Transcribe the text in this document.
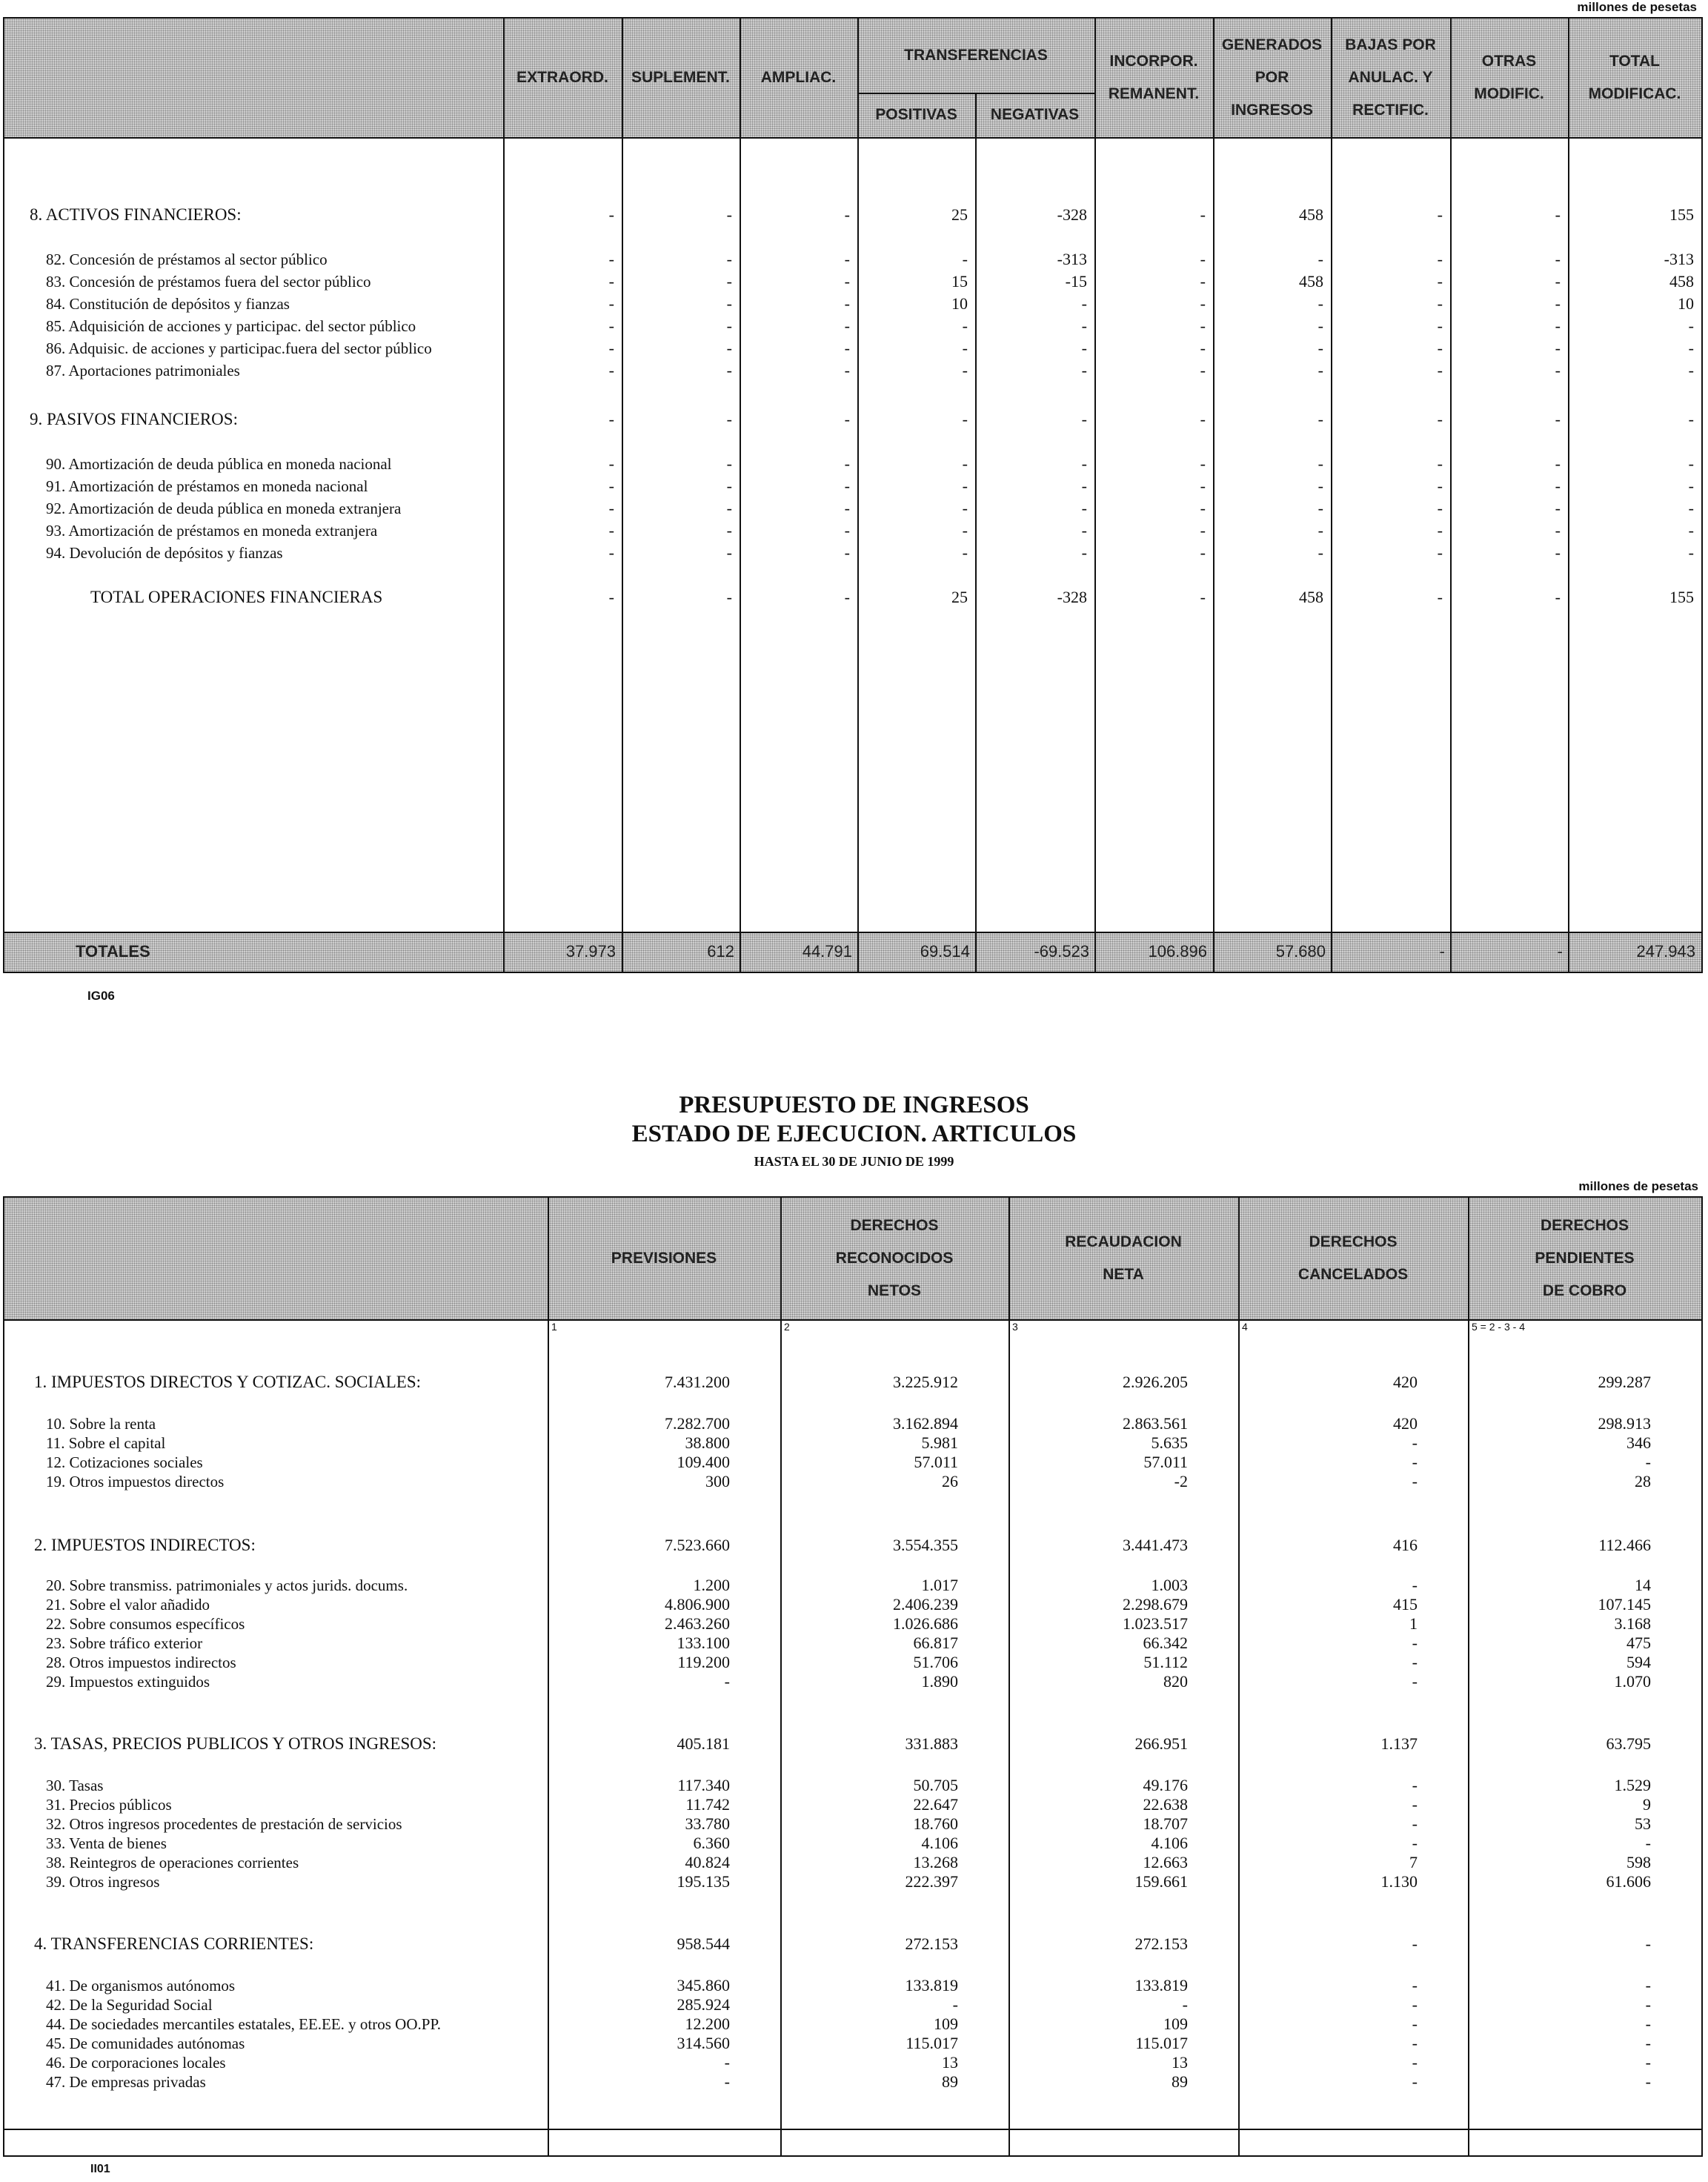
millones de pesetas
EXTRAORD. SUPLEMENT. AMPLIAC.
TRANSFERENCIAS
POSITIVAS NEGATIVAS
INCORPOR.
REMANENT.
GENERADOS
POR
INGRESOS
BAJAS POR
ANULAC. Y
RECTIFIC.
OTRAS
MODIFIC.
TOTAL
MODIFICAC.
8. ACTIVOS FINANCIEROS:	-	-	-	25	-328	-	458	-	-	155
82. Concesión de préstamos al sector público	-	-	-	-	-313	-	-	-	-	-313
83. Concesión de préstamos fuera del sector público	-	-	-	15	-15	-	458	-	-	458
84. Constitución de depósitos y fianzas	-	-	-	10	-	-	-	-	-	10
85. Adquisición de acciones y participac. del sector público	-	-	-	-	-	-	-	-	-	-
86. Adquisic. de acciones y participac.fuera del sector público	-	-	-	-	-	-	-	-	-	-
87. Aportaciones patrimoniales	-	-	-	-	-	-	-	-	-	-
9. PASIVOS FINANCIEROS:	-	-	-	-	-	-	-	-	-	-
90. Amortización de deuda pública en moneda nacional	-	-	-	-	-	-	-	-	-	-
91. Amortización de préstamos en moneda nacional	-	-	-	-	-	-	-	-	-	-
92. Amortización de deuda pública en moneda extranjera	-	-	-	-	-	-	-	-	-	-
93. Amortización de préstamos en moneda extranjera	-	-	-	-	-	-	-	-	-	-
94. Devolución de depósitos y fianzas	-	-	-	-	-	-	-	-	-	-
TOTAL OPERACIONES FINANCIERAS	-	-	-	25	-328	-	458	-	-	155
TOTALES	37.973	612	44.791	69.514	-69.523	106.896	57.680	-	-	247.943
IG06
PRESUPUESTO DE INGRESOS
ESTADO DE EJECUCION. ARTICULOS
HASTA EL 30 DE JUNIO DE 1999
millones de pesetas
PREVISIONES
DERECHOS
RECONOCIDOS
NETOS
RECAUDACION
NETA
DERECHOS
CANCELADOS
DERECHOS
PENDIENTES
DE COBRO
1	2	3	4	5 = 2 - 3 - 4
1. IMPUESTOS DIRECTOS Y COTIZAC. SOCIALES:	7.431.200	3.225.912	2.926.205	420	299.287
10. Sobre la renta	7.282.700	3.162.894	2.863.561	420	298.913
11. Sobre el capital	38.800	5.981	5.635	-	346
12. Cotizaciones sociales	109.400	57.011	57.011	-	-
19. Otros impuestos directos	300	26	-2	-	28
2. IMPUESTOS INDIRECTOS:	7.523.660	3.554.355	3.441.473	416	112.466
20. Sobre transmiss. patrimoniales y actos jurids. docums.	1.200	1.017	1.003	-	14
21. Sobre el valor añadido	4.806.900	2.406.239	2.298.679	415	107.145
22. Sobre consumos específicos	2.463.260	1.026.686	1.023.517	1	3.168
23. Sobre tráfico exterior	133.100	66.817	66.342	-	475
28. Otros impuestos indirectos	119.200	51.706	51.112	-	594
29. Impuestos extinguidos	-	1.890	820	-	1.070
3. TASAS, PRECIOS PUBLICOS Y OTROS INGRESOS:	405.181	331.883	266.951	1.137	63.795
30. Tasas	117.340	50.705	49.176	-	1.529
31. Precios públicos	11.742	22.647	22.638	-	9
32. Otros ingresos procedentes de prestación de servicios	33.780	18.760	18.707	-	53
33. Venta de bienes	6.360	4.106	4.106	-	-
38. Reintegros de operaciones corrientes	40.824	13.268	12.663	7	598
39. Otros ingresos	195.135	222.397	159.661	1.130	61.606
4. TRANSFERENCIAS CORRIENTES:	958.544	272.153	272.153	-	-
41. De organismos autónomos	345.860	133.819	133.819	-	-
42. De la Seguridad Social	285.924	-	-	-	-
44. De sociedades mercantiles estatales, EE.EE. y otros OO.PP.	12.200	109	109	-	-
45. De comunidades autónomas	314.560	115.017	115.017	-	-
46. De corporaciones locales	-	13	13	-	-
47. De empresas privadas	-	89	89	-	-
II01
